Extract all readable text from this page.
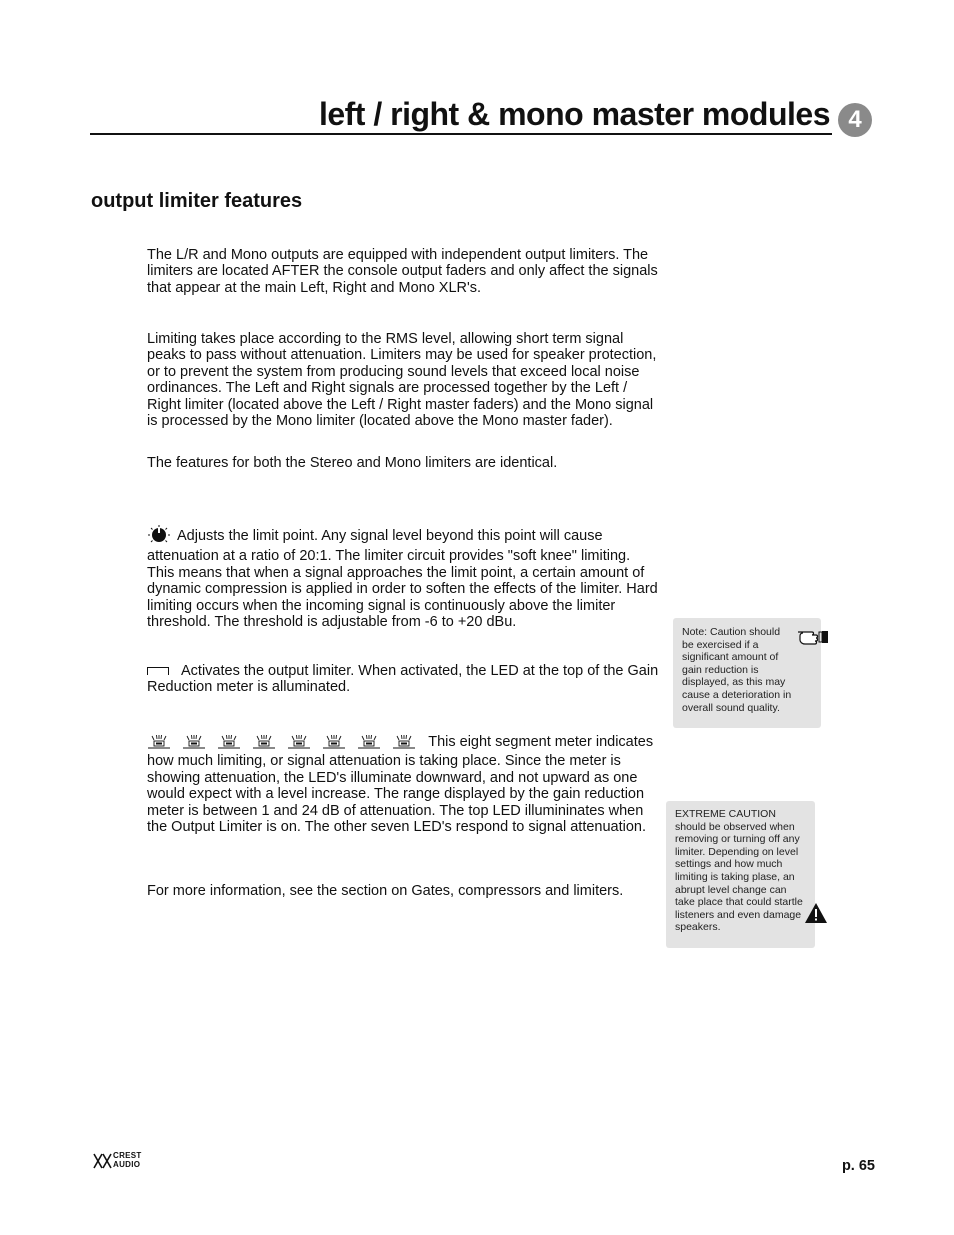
left / right & mono master modules 4
output limiter features

The L/R and Mono outputs are equipped with independent output limiters. The limiters are located AFTER the console output faders and only affect the signals that appear at the main Left, Right and Mono XLR's.

Limiting takes place according to the RMS level, allowing short term signal peaks to pass without attenuation. Limiters may be used for speaker protection, or to prevent the system from producing sound levels that exceed local noise ordinances. The Left and Right signals are processed together by the Left / Right limiter (located above the Left / Right master faders) and the Mono signal is processed by the Mono limiter (located above the Mono master fader).

The features for both the Stereo and Mono limiters are identical.

Adjusts the limit point. Any signal level beyond this point will cause attenuation at a ratio of 20:1. The limiter circuit provides "soft knee" limiting. This means that when a signal approaches the limit point, a certain amount of dynamic compression is applied in order to soften the effects of the limiter. Hard limiting occurs when the incoming signal is continuously above the limiter threshold. The threshold is adjustable from -6 to +20 dBu.

Activates the output limiter. When activated, the LED at the top of the Gain Reduction meter is alluminated.

This eight segment meter indicates how much limiting, or signal attenuation is taking place. Since the meter is showing attenuation, the LED's illuminate downward, and not upward as one would expect with a level increase. The range displayed by the gain reduction meter is between 1 and 24 dB of attenuation. The top LED illumininates when the Output Limiter is on. The other seven LED's respond to signal attenuation.

For more information, see the section on Gates, compressors and limiters.

Note: Caution should be exercised if a significant amount of gain reduction is displayed, as this may cause a deterioration in overall sound quality.
EXTREME CAUTION should be observed when removing or turning off any limiter. Depending on level settings and how much limiting is taking plase, an abrupt level change can take place that could startle listeners and even damage speakers.
CREST
AUDIO	p. 65
